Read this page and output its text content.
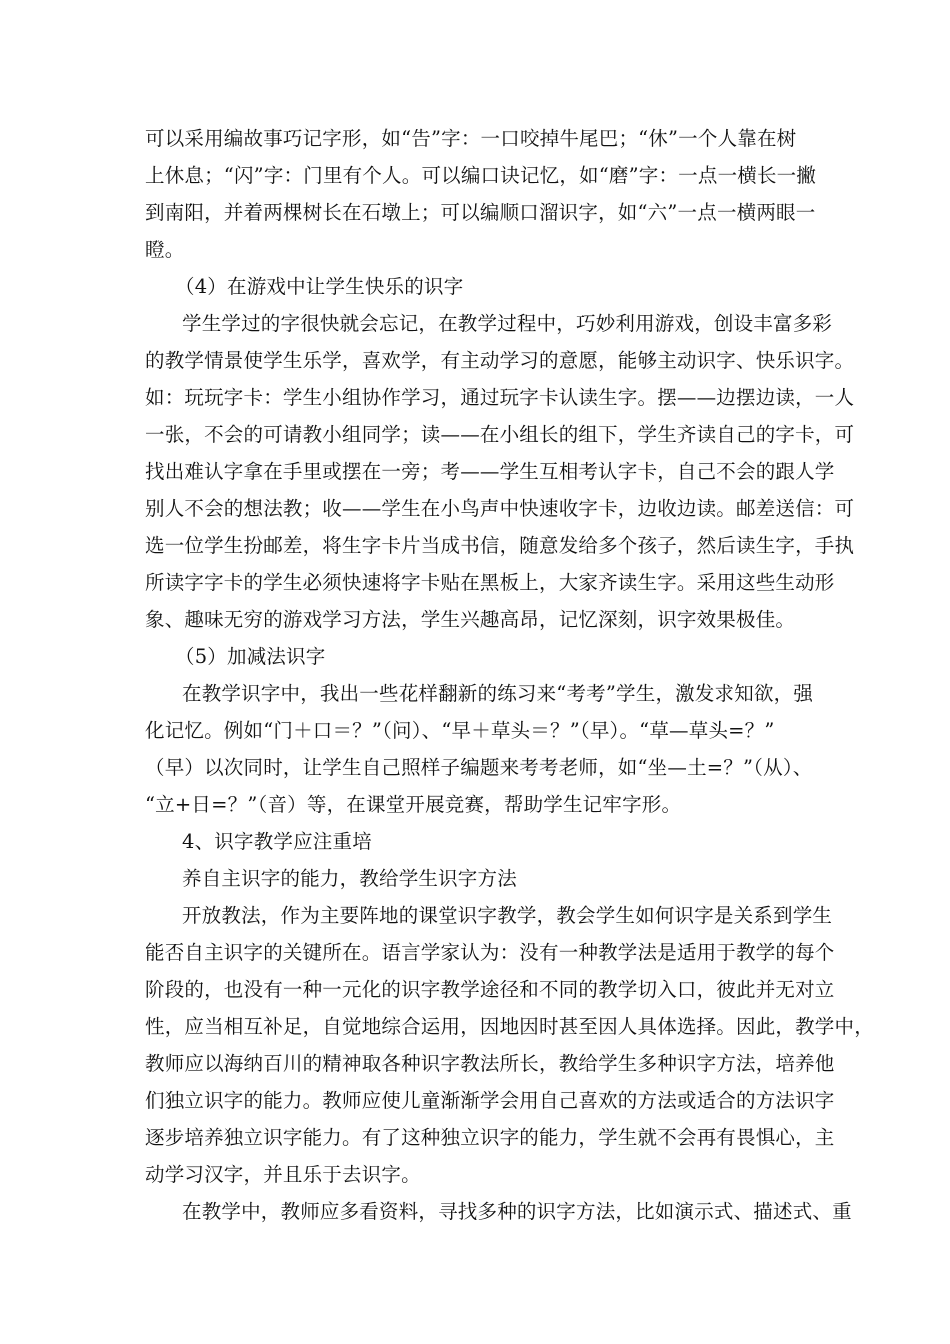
可以采用编故事巧记字形，如“告”字：一口咬掉牛尾巴；“休”一个人靠在树
上休息；“闪”字：门里有个人。可以编口诀记忆，如“磨”字：一点一横长一撇
到南阳，并着两棵树长在石墩上；可以编顺口溜识字，如“六”一点一横两眼一
瞪。
（4）在游戏中让学生快乐的识字
学生学过的字很快就会忘记，在教学过程中，巧妙利用游戏，创设丰富多彩
的教学情景使学生乐学，喜欢学，有主动学习的意愿，能够主动识字、快乐识字。
如：玩玩字卡：学生小组协作学习，通过玩字卡认读生字。摆——边摆边读，一人
一张，不会的可请教小组同学；读——在小组长的组下，学生齐读自己的字卡，可
找出难认字拿在手里或摆在一旁；考——学生互相考认字卡，自己不会的跟人学
别人不会的想法教；收——学生在小鸟声中快速收字卡，边收边读。邮差送信：可
选一位学生扮邮差，将生字卡片当成书信，随意发给多个孩子，然后读生字，手执
所读字字卡的学生必须快速将字卡贴在黑板上，大家齐读生字。采用这些生动形
象、趣味无穷的游戏学习方法，学生兴趣高昂，记忆深刻，识字效果极佳。
（5）加减法识字
在教学识字中，我出一些花样翻新的练习来“考考”学生，激发求知欲，强
化记忆。例如“门＋口＝？”（问）、“早＋草头＝？”（早）。“草—草头=？”
（早）以次同时，让学生自己照样子编题来考考老师，如“坐—土=？”（从）、
“立+日=？”（音）等，在课堂开展竞赛，帮助学生记牢字形。
4、识字教学应注重培
养自主识字的能力，教给学生识字方法
开放教法，作为主要阵地的课堂识字教学，教会学生如何识字是关系到学生
能否自主识字的关键所在。语言学家认为：没有一种教学法是适用于教学的每个
阶段的，也没有一种一元化的识字教学途径和不同的教学切入口，彼此并无对立
性，应当相互补足，自觉地综合运用，因地因时甚至因人具体选择。因此，教学中，
教师应以海纳百川的精神取各种识字教法所长，教给学生多种识字方法，培养他
们独立识字的能力。教师应使儿童渐渐学会用自己喜欢的方法或适合的方法识字
逐步培养独立识字能力。有了这种独立识字的能力，学生就不会再有畏惧心，主
动学习汉字，并且乐于去识字。
在教学中，教师应多看资料，寻找多种的识字方法，比如演示式、描述式、重
